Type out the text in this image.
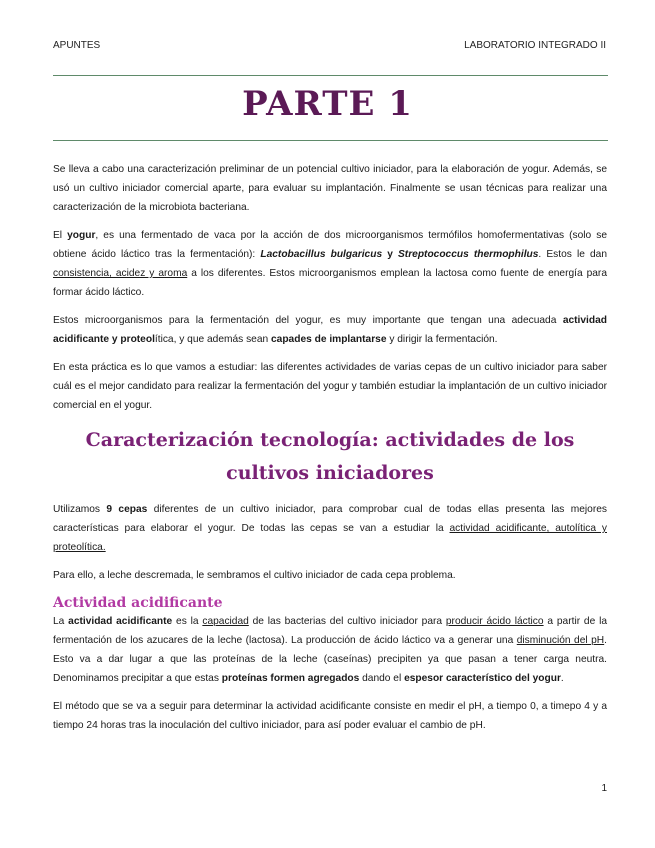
APUNTES	LABORATORIO INTEGRADO II
PARTE 1

Se lleva a cabo una caracterización preliminar de un potencial cultivo iniciador, para la elaboración de yogur. Además, se usó un cultivo iniciador comercial aparte, para evaluar su implantación. Finalmente se usan técnicas para realizar una caracterización de la microbiota bacteriana.

El yogur, es una fermentado de vaca por la acción de dos microorganismos termófilos homofermentativas (solo se obtiene ácido láctico tras la fermentación): Lactobacillus bulgaricus y Streptococcus thermophilus. Estos le dan consistencia, acidez y aroma a los diferentes. Estos microorganismos emplean la lactosa como fuente de energía para formar ácido láctico.

Estos microorganismos para la fermentación del yogur, es muy importante que tengan una adecuada actividad acidificante y proteolítica, y que además sean capades de implantarse y dirigir la fermentación.

En esta práctica es lo que vamos a estudiar: las diferentes actividades de varias cepas de un cultivo iniciador para saber cuál es el mejor candidato para realizar la fermentación del yogur y también estudiar la implantación de un cultivo iniciador comercial en el yogur.

Caracterización tecnología: actividades de los
cultivos iniciadores

Utilizamos 9 cepas diferentes de un cultivo iniciador, para comprobar cual de todas ellas presenta las mejores características para elaborar el yogur. De todas las cepas se van a estudiar la actividad acidificante, autolítica y proteolítica.

Para ello, a leche descremada, le sembramos el cultivo iniciador de cada cepa problema.

Actividad acidificante

La actividad acidificante es la capacidad de las bacterias del cultivo iniciador para producir ácido láctico a partir de la fermentación de los azucares de la leche (lactosa). La producción de ácido láctico va a generar una disminución del pH. Esto va a dar lugar a que las proteínas de la leche (caseínas) precipiten ya que pasan a tener carga neutra. Denominamos precipitar a que estas proteínas formen agregados dando el espesor característico del yogur.

El método que se va a seguir para determinar la actividad acidificante consiste en medir el pH, a tiempo 0, a timepo 4 y a tiempo 24 horas tras la inoculación del cultivo iniciador, para así poder evaluar el cambio de pH.

1
